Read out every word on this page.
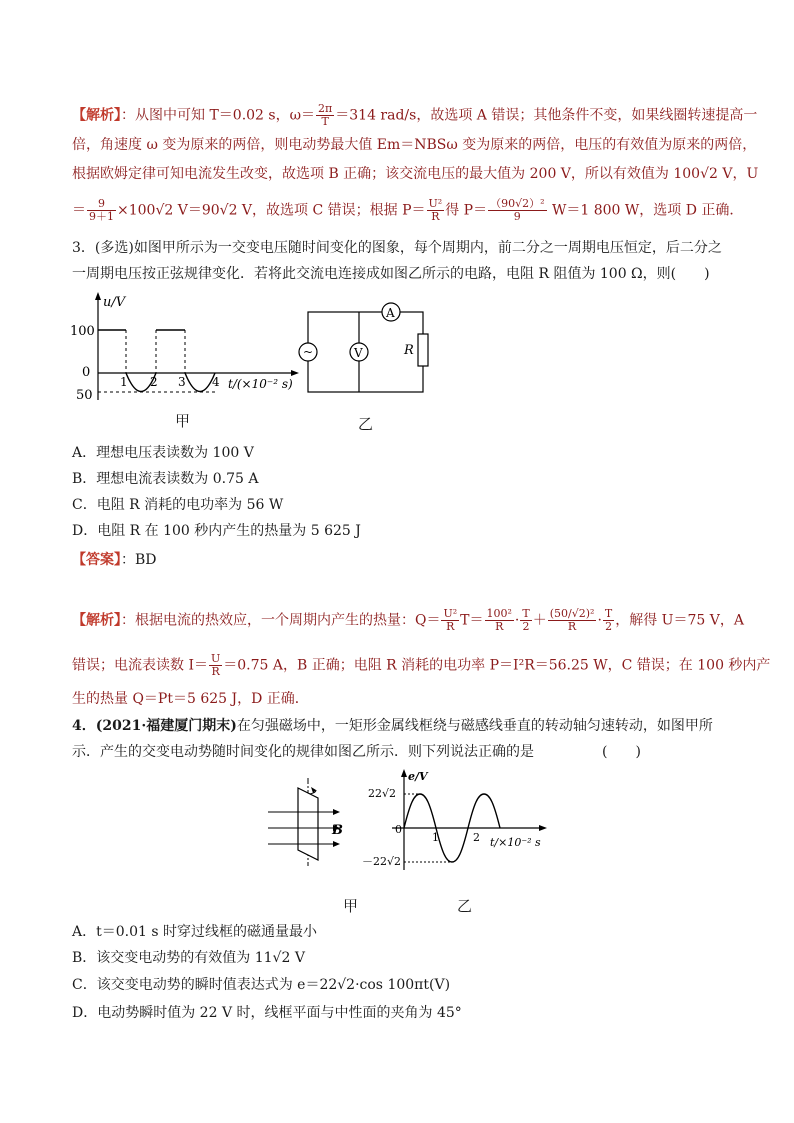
【解析】：从图中可知 T＝0.02 s，$\omega= \frac{2\pi}{T} =314$ rad/s，故选项 A 错误；其他条件不变，如果线圈转速提高一
倍，角速度 ω 变为原来的两倍，则电动势最大值 Em＝NBSω 变为原来的两倍，电压的有效值为原来的两倍，
根据欧姆定律可知电流发生改变，故选项 B 正确；该交流电压的最大值为 200 V，所以有效值为 100√2 V，U
＝ $\frac{9}{9+1} \times 100√2$ V＝90√2 V，故选项 C 错误；根据 $P= \frac{\text{U²}}{R}$ 得 $P= \frac{\text{（90√2）²}}{9} W=1$ 800 W，选项 D 正确．
3．(多选)如图甲所示为一交变电压随时间变化的图象，每个周期内，前二分之一周期电压恒定，后二分之
一周期电压按正弦规律变化．若将此交流电连接成如图乙所示的电路，电阻 R 阻值为 100 Ω，则(　　)
u/V
100
0
50
1 2 3 4 t/(×10⁻² s)
甲
~	V
A
R
乙
A．理想电压表读数为 100 V
B．理想电流表读数为 0.75 A
C．电阻 R 消耗的电功率为 56 W
D．电阻 R 在 100 秒内产生的热量为 5 625 J
【答案】：BD
【解析】：根据电流的热效应，一个周期内产生的热量：$Q= \frac{\text{U²}}{R} T= \frac{\text{100²}}{R} \cdot \frac{T}{2} + \frac{\text{(50/√2)²}}{R} \cdot \frac{T}{2}$ ，解得 U＝75 V，A
错误；电流表读数 $I= \frac{U}{R} =0.75$ A，B 正确；电阻 R 消耗的电功率 P＝I²R＝56.25 W，C 错误；在 100 秒内产
生的热量 Q＝Pt＝5 625 J，D 正确．
4．(2021·福建厦门期末)在匀强磁场中，一矩形金属线框绕与磁感线垂直的转动轴匀速转动，如图甲所
示．产生的交变电动势随时间变化的规律如图乙所示．则下列说法正确的是	(　　)
B
甲
e/V
22√2
－22√2
0
1	2 t/×10⁻² s
乙
A．t＝0.01 s 时穿过线框的磁通量最小
B．该交变电动势的有效值为 11√2 V
C．该交变电动势的瞬时值表达式为 e＝22√2·cos 100πt(V)
D．电动势瞬时值为 22 V 时，线框平面与中性面的夹角为 45°
